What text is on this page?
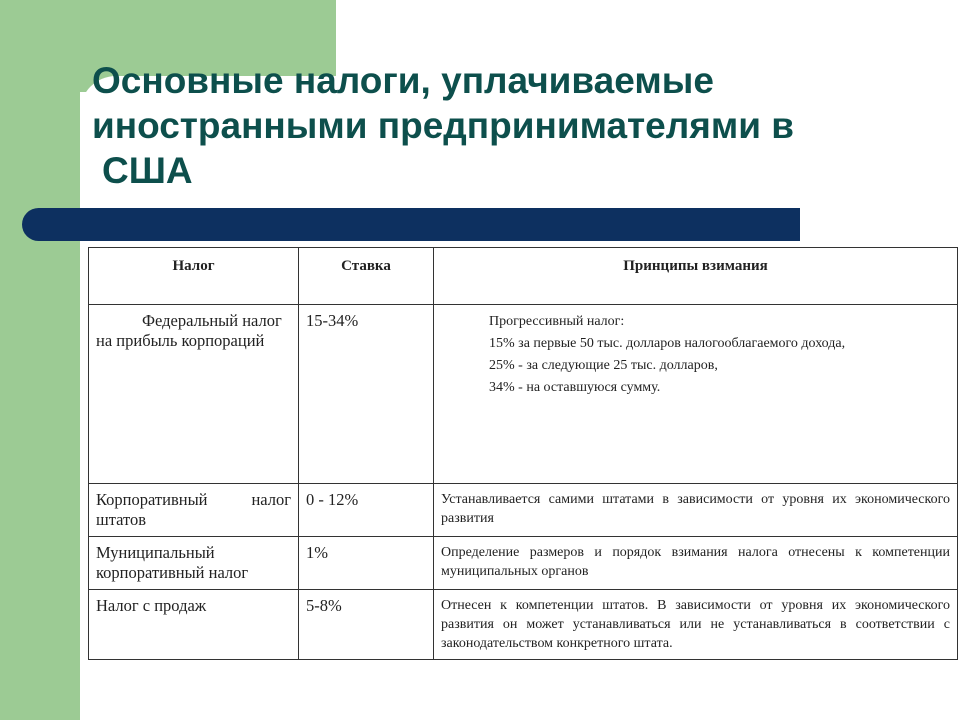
Основные налоги, уплачиваемые
иностранными предпринимателями в

США
Налог	Ставка	Принципы взимания
Федеральный налог на прибыль корпораций	15-34%	Прогрессивный налог:

15% за первые 50 тыс. долларов налогооблагаемого дохода,

25% - за следующие 25 тыс. долларов,

34% - на оставшуюся сумму.

Корпоративный налог штатов	0 - 12%	Устанавливается самими штатами в зависимости от уровня их экономического развития
Муниципальный корпоративный налог	1%	Определение размеров и порядок взимания налога отнесены к компетенции муниципальных органов
Налог с продаж	5-8%	Отнесен к компетенции штатов. В зависимости от уровня их экономического развития он может устанавливаться или не устанавливаться в соответствии с законодательством конкретного штата.
